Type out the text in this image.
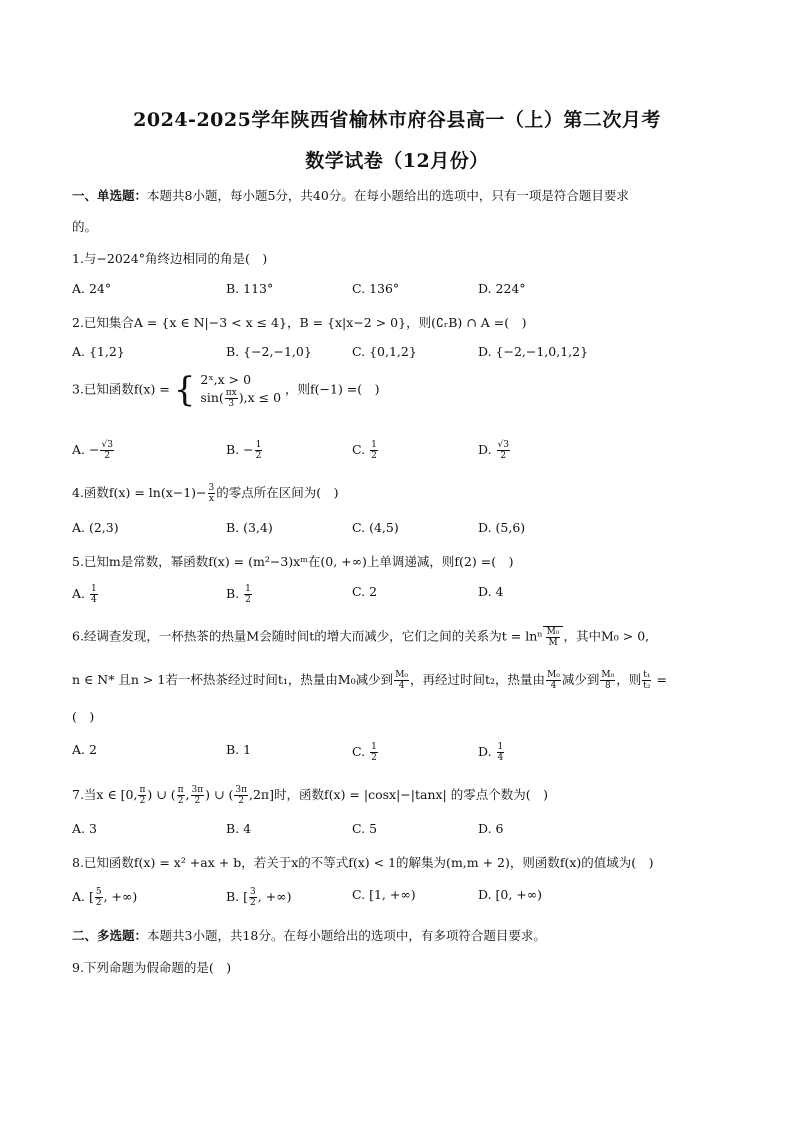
2024-2025学年陕西省榆林市府谷县高一（上）第二次月考
数学试卷（12月份）
一、单选题：本题共8小题，每小题5分，共40分。在每小题给出的选项中，只有一项是符合题目要求
的。
1.与−2024°角终边相同的角是(　)
A. 24°	B. 113°	C. 136°	D. 224°
2.已知集合A = {x ∈ N|−3 < x ≤ 4}，B = {x|x−2 > 0}，则(∁ᵣB) ∩ A =(　)
A. {1,2}	B. {−2,−1,0}	C. {0,1,2}	D. {−2,−1,0,1,2}
3.已知函数f(x) = { 2ˣ,x > 0
$\sin( \frac{\pi x}{3} ),x \le 0$
，则f(−1) =(　)
A. − $\frac{√3}{2}$	B. − $\frac{1}{2}$	C. $\frac{1}{2}$	D. $\frac{√3}{2}$
4.函数$f(x) = \ln(x-1)- \frac{3}{x}$ 的零点所在区间为(　)
A. (2,3)	B. (3,4)	C. (4,5)	D. (5,6)
5.已知m是常数，幂函数f(x) = (m²−3)xᵐ在(0, +∞)上单调递减，则f(2) =(　)
A. $\frac{1}{4}$	B. $\frac{1}{2}$	C. 2	D. 4
6.经调查发现，一杯热茶的热量M会随时间t的增大而减少，它们之间的关系为t = lnⁿ $\frac{\text{M₀}}{M}$ ，其中M₀ > 0,
n ∈ N* 且n > 1若一杯热茶经过时间t₁，热量由M₀减少到 $\frac{\text{M₀}}{4}$ ，再经过时间t₂，热量由 $\frac{\text{M₀}}{4}$ 减少到 $\frac{\text{M₀}}{8}$ ，则 $\frac{\text{t₁}}{\text{t₂}}$ =
(　)
A. 2	B. 1	C. $\frac{1}{2}$	D. $\frac{1}{4}$
7.当x ∈ [0, $\frac{\pi}{2}$ ) ∪ ( $\frac{\pi}{2}$ , $\frac{3\pi}{2}$ ) ∪ ( $\frac{3\pi}{2} ,2\pi$]时，函数f(x) = |cosx|−|tanx| 的零点个数为(　)
A. 3	B. 4	C. 5	D. 6
8.已知函数f(x) = x² +ax + b，若关于x的不等式f(x) < 1的解集为(m,m + 2)，则函数f(x)的值域为(　)
A. [ $\frac{5}{2}$ , +∞)	B. [ $\frac{3}{2}$ , +∞)	C. [1, +∞)	D. [0, +∞)
二、多选题：本题共3小题，共18分。在每小题给出的选项中，有多项符合题目要求。
9.下列命题为假命题的是(　)
